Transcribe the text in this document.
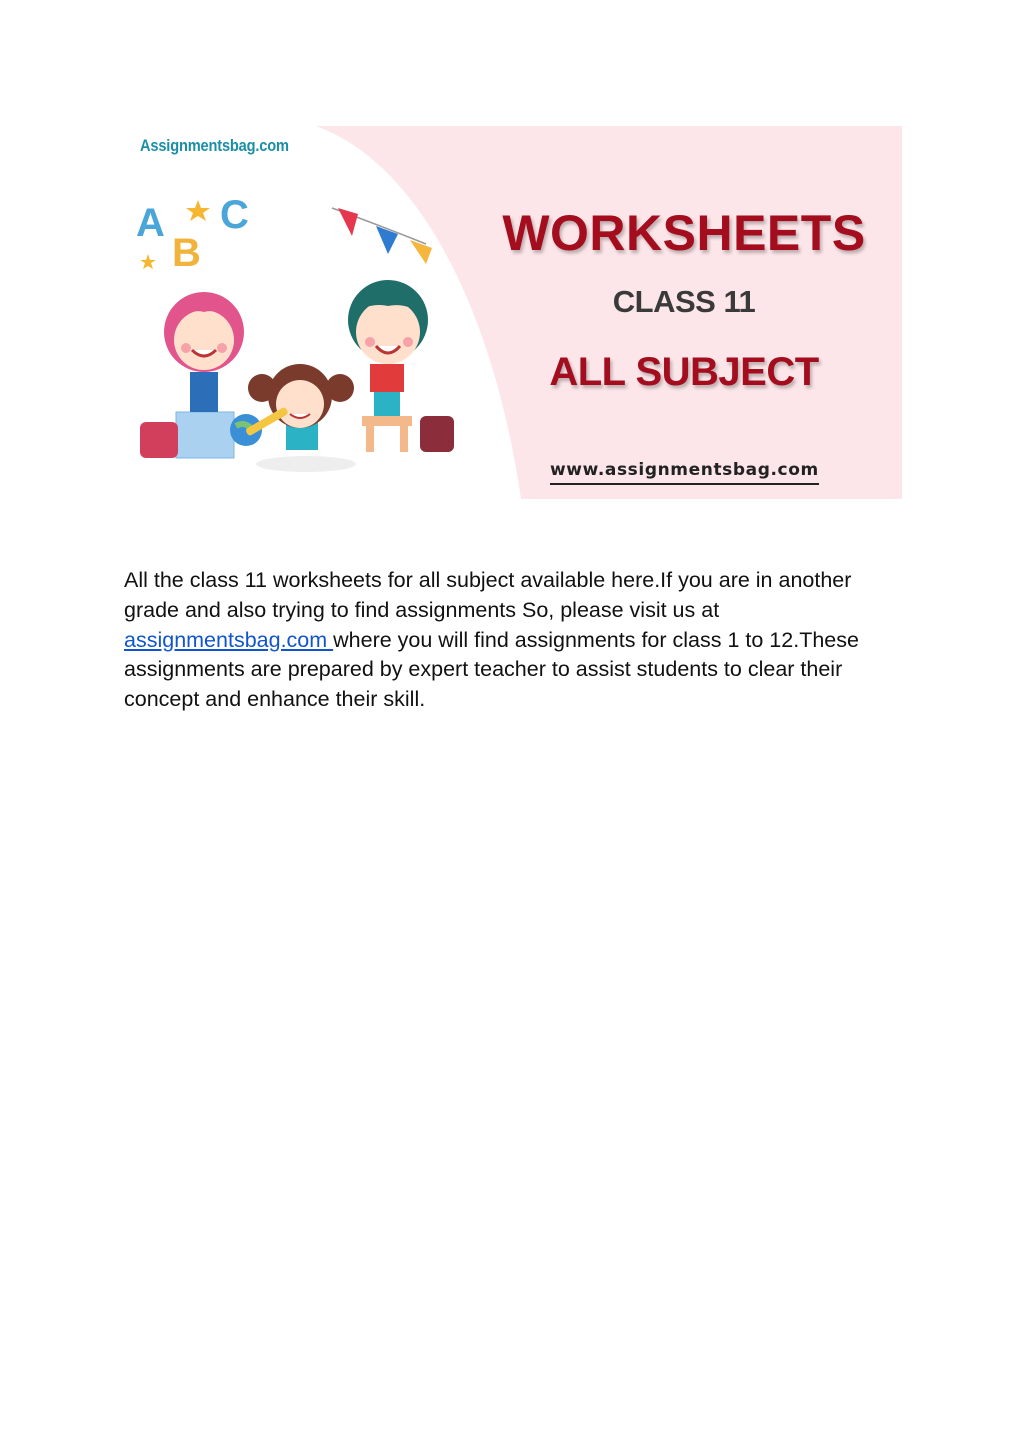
A
B
C
Assignmentsbag.com
WORKSHEETS
CLASS 11
ALL SUBJECT
www.assignmentsbag.com

All the class 11 worksheets for all subject available here.If you are in another grade and also trying to find assignments So, please visit us at assignmentsbag.com where you will find assignments for class 1 to 12.These assignments are prepared by expert teacher to assist students to clear their concept and enhance their skill.
